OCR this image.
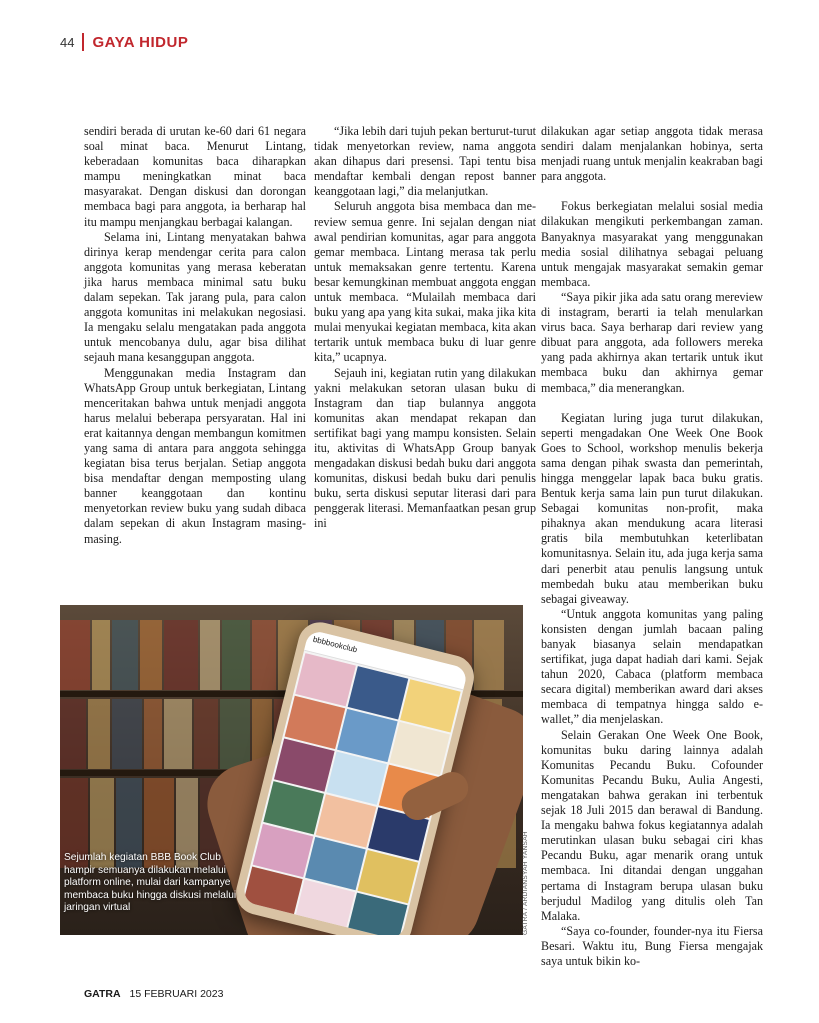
44 GAYA HIDUP

sendiri berada di urutan ke-60 dari 61 negara soal minat baca. Menurut Lintang, keberadaan komunitas baca diharapkan mampu meningkatkan minat baca masyarakat. Dengan diskusi dan dorongan membaca bagi para anggota, ia berharap hal itu mampu menjangkau berbagai kalangan.

Selama ini, Lintang menyatakan bahwa dirinya kerap mendengar cerita para calon anggota komunitas yang merasa keberatan jika harus membaca minimal satu buku dalam sepekan. Tak jarang pula, para calon anggota komunitas ini melakukan negosiasi. Ia mengaku selalu mengatakan pada anggota untuk mencobanya dulu, agar bisa dilihat sejauh mana kesanggupan anggota.

Menggunakan media Instagram dan WhatsApp Group untuk berkegiatan, Lintang menceritakan bahwa untuk menjadi anggota harus melalui beberapa persyaratan. Hal ini erat kaitannya dengan membangun komitmen yang sama di antara para anggota sehingga kegiatan bisa terus berjalan. Setiap anggota bisa mendaftar dengan memposting ulang banner keanggotaan dan kontinu menyetorkan review buku yang sudah dibaca dalam sepekan di akun Instagram masing-masing.

“Jika lebih dari tujuh pekan berturut-turut tidak menyetorkan review, nama anggota akan dihapus dari presensi. Tapi tentu bisa mendaftar kembali dengan repost banner keanggotaan lagi,” dia melanjutkan.

Seluruh anggota bisa membaca dan me-review semua genre. Ini sejalan dengan niat awal pendirian komunitas, agar para anggota gemar membaca. Lintang merasa tak perlu untuk memaksakan genre tertentu. Karena besar kemungkinan membuat anggota enggan untuk membaca. “Mulailah membaca dari buku yang apa yang kita sukai, maka jika kita mulai menyukai kegiatan membaca, kita akan tertarik untuk membaca buku di luar genre kita,” ucapnya.

Sejauh ini, kegiatan rutin yang dilakukan yakni melakukan setoran ulasan buku di Instagram dan tiap bulannya anggota komunitas akan mendapat rekapan dan sertifikat bagi yang mampu konsisten. Selain itu, aktivitas di WhatsApp Group banyak mengadakan diskusi bedah buku dari anggota komunitas, diskusi bedah buku dari penulis buku, serta diskusi seputar literasi dari para penggerak literasi. Memanfaatkan pesan grup ini

dilakukan agar setiap anggota tidak merasa sendiri dalam menjalankan hobinya, serta menjadi ruang untuk menjalin keakraban bagi para anggota.

Fokus berkegiatan melalui sosial media dilakukan mengikuti perkembangan zaman. Banyaknya masyarakat yang menggunakan media sosial dilihatnya sebagai peluang untuk mengajak masyarakat semakin gemar membaca.

“Saya pikir jika ada satu orang mereview di instagram, berarti ia telah menularkan virus baca. Saya berharap dari review yang dibuat para anggota, ada followers mereka yang pada akhirnya akan tertarik untuk ikut membaca buku dan akhirnya gemar membaca,” dia menerangkan.

Kegiatan luring juga turut dilakukan, seperti mengadakan One Week One Book Goes to School, workshop menulis bekerja sama dengan pihak swasta dan pemerintah, hingga menggelar lapak baca buku gratis. Bentuk kerja sama lain pun turut dilakukan. Sebagai komunitas non-profit, maka pihaknya akan mendukung acara literasi gratis bila membutuhkan keterlibatan komunitasnya. Selain itu, ada juga kerja sama dari penerbit atau penulis langsung untuk membedah buku atau memberikan buku sebagai giveaway.

“Untuk anggota komunitas yang paling konsisten dengan jumlah bacaan paling banyak biasanya selain mendapatkan sertifikat, juga dapat hadiah dari kami. Sejak tahun 2020, Cabaca (platform membaca secara digital) memberikan award dari akses membaca di tempatnya hingga saldo e-wallet,” dia menjelaskan.

Selain Gerakan One Week One Book, komunitas buku daring lainnya adalah Komunitas Pecandu Buku. Cofounder Komunitas Pecandu Buku, Aulia Angesti, mengatakan bahwa gerakan ini terbentuk sejak 18 Juli 2015 dan berawal di Bandung. Ia mengaku bahwa fokus kegiatannya adalah merutinkan ulasan buku sebagai ciri khas Pecandu Buku, agar menarik orang untuk membaca. Ini ditandai dengan unggahan pertama di Instagram berupa ulasan buku berjudul Madilog yang ditulis oleh Tan Malaka.

“Saya co-founder, founder-nya itu Fiersa Besari. Waktu itu, Bung Fiersa mengajak saya untuk bikin ko-

bbbbookclub
Sejumlah kegiatan BBB Book Club hampir semuanya dilakukan melalui platform online, mulai dari kampanye membaca buku hingga diskusi melalui jaringan virtual	GATRA / ARDIANSYAH YANSAH
GATRA 15 FEBRUARI 2023
